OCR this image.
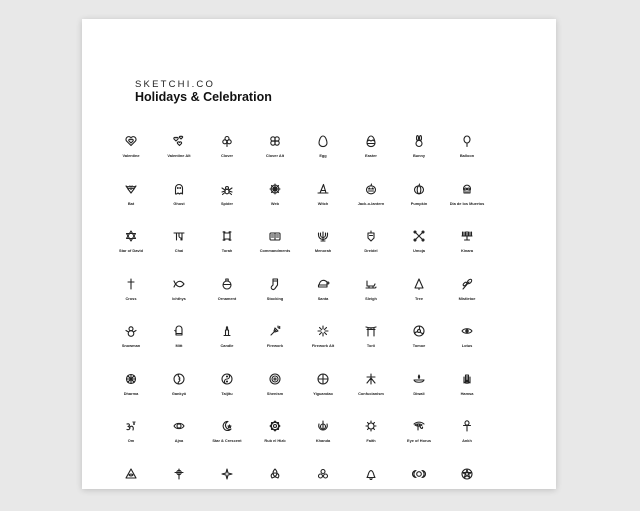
SKETCHI.CO
Holidays & Celebration
Valentine	Valentine Alt	Clover	Clover Alt	Egg	Easter	Bunny	Balloon
Bat	Ghost	Spider	Web	Witch	Jack-o-lantern	Pumpkin	Dia de los Muertos
Star of David	Chai	Torah	Commandments	Menorah	Dreidel	Umoja	Kinara
Cross	Ichthys	Ornament	Stocking	Santa	Sleigh	Tree	Mistletoe
Snowman	Mitt	Candle	Firework	Firework Alt	Torii	Tomoe	Lotus
Dharma	Gankyō	Taijitu	Shenism	Yiguandao	Confucianism	Diwali	Hamsa
Om	Ajna	Star & Crescent	Rub el Hizb	Khanda	Faith	Eye of Horus	Ankh
